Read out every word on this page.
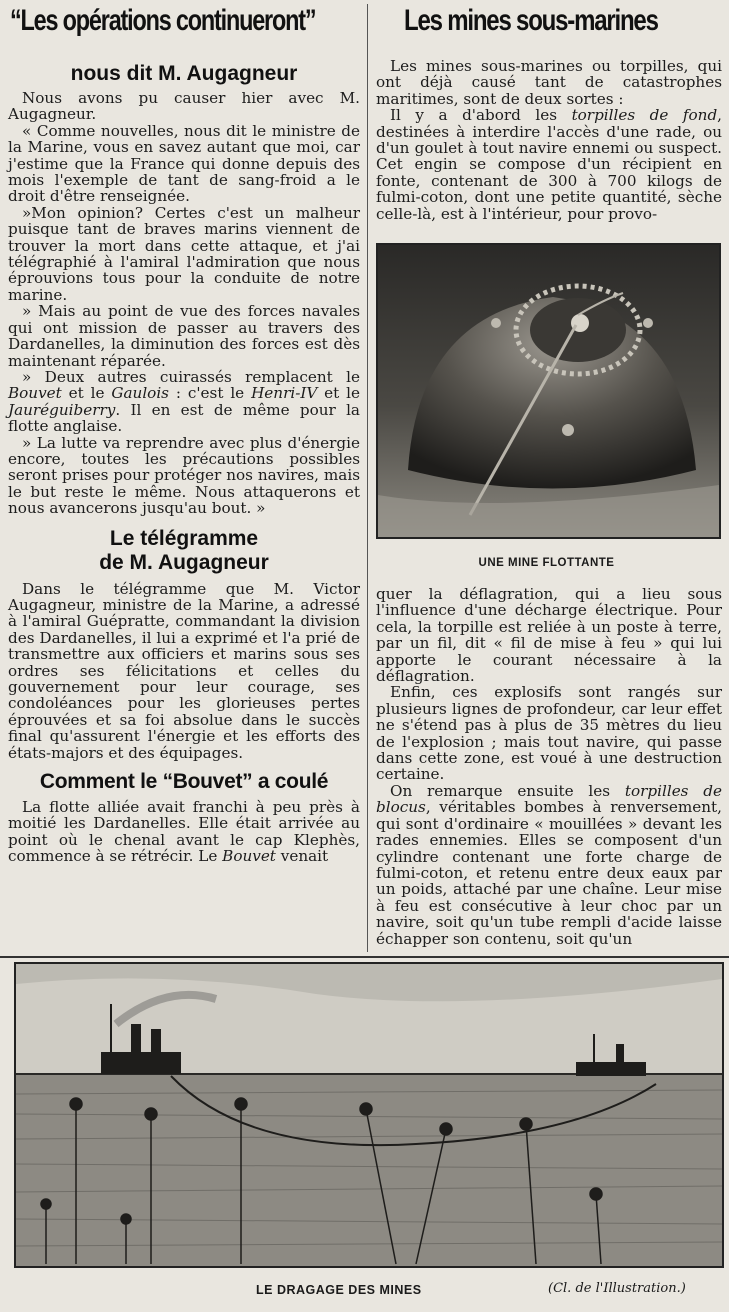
“Les opérations continueront”
nous dit M. Augagneur

Nous avons pu causer hier avec M. Augagneur.

« Comme nouvelles, nous dit le ministre de la Marine, vous en savez autant que moi, car j'estime que la France qui donne depuis des mois l'exemple de tant de sang-froid a le droit d'être renseignée.

»Mon opinion? Certes c'est un malheur puisque tant de braves marins viennent de trouver la mort dans cette attaque, et j'ai télégraphié à l'amiral l'admiration que nous éprouvions tous pour la conduite de notre marine.

» Mais au point de vue des forces navales qui ont mission de passer au travers des Dardanelles, la diminution des forces est dès maintenant réparée.

» Deux autres cuirassés remplacent le Bouvet et le Gaulois : c'est le Henri-IV et le Jauréguiberry. Il en est de même pour la flotte anglaise.

» La lutte va reprendre avec plus d'énergie encore, toutes les précautions possibles seront prises pour protéger nos navires, mais le but reste le même. Nous attaquerons et nous avancerons jusqu'au bout. »

Le télégramme
de M. Augagneur

Dans le télégramme que M. Victor Augagneur, ministre de la Marine, a adressé à l'amiral Guépratte, commandant la division des Dardanelles, il lui a exprimé et l'a prié de transmettre aux officiers et marins sous ses ordres ses félicitations et celles du gouvernement pour leur courage, ses condoléances pour les glorieuses pertes éprouvées et sa foi absolue dans le succès final qu'assurent l'énergie et les efforts des états-majors et des équipages.

Comment le “Bouvet” a coulé

La flotte alliée avait franchi à peu près à moitié les Dardanelles. Elle était arrivée au point où le chenal avant le cap Klephès, commence à se rétrécir. Le Bouvet venait

Les mines sous-marines

Les mines sous-marines ou torpilles, qui ont déjà causé tant de catastrophes maritimes, sont de deux sortes :

Il y a d'abord les torpilles de fond, destinées à interdire l'accès d'une rade, ou d'un goulet à tout navire ennemi ou suspect. Cet engin se compose d'un récipient en fonte, contenant de 300 à 700 kilogs de fulmi-coton, dont une petite quantité, sèche celle-là, est à l'intérieur, pour provo-

UNE MINE FLOTTANTE

quer la déflagration, qui a lieu sous l'influence d'une décharge électrique. Pour cela, la torpille est reliée à un poste à terre, par un fil, dit « fil de mise à feu » qui lui apporte le courant nécessaire à la déflagration.

Enfin, ces explosifs sont rangés sur plusieurs lignes de profondeur, car leur effet ne s'étend pas à plus de 35 mètres du lieu de l'explosion ; mais tout navire, qui passe dans cette zone, est voué à une destruction certaine.

On remarque ensuite les torpilles de blocus, véritables bombes à renversement, qui sont d'ordinaire « mouillées » devant les rades ennemies. Elles se composent d'un cylindre contenant une forte charge de fulmi-coton, et retenu entre deux eaux par un poids, attaché par une chaîne. Leur mise à feu est consécutive à leur choc par un navire, soit qu'un tube rempli d'acide laisse échapper son contenu, soit qu'un

LE DRAGAGE DES MINES	(Cl. de l'Illustration.)
